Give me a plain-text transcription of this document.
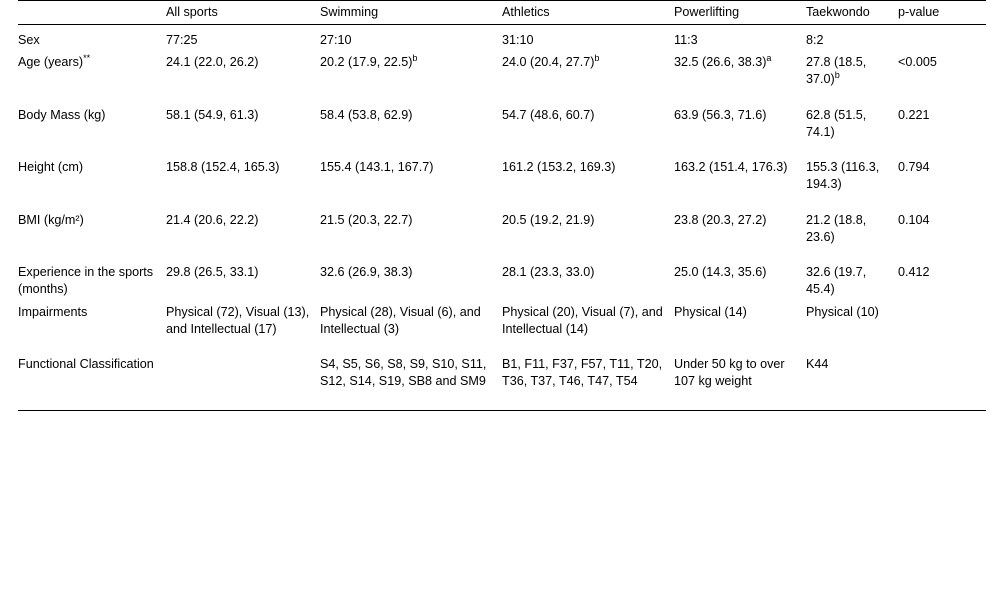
	All sports	Swimming	Athletics	Powerlifting	Taekwondo	p-value
Sex	77:25	27:10	31:10	11:3	8:2	
Age (years)**	24.1 (22.0, 26.2)	20.2 (17.9, 22.5)$^b$	24.0 (20.4, 27.7)$^b$	32.5 (26.6, 38.3)$^a$	27.8 (18.5, 37.0)$^b$	<0.005

Body Mass (kg)	58.1 (54.9, 61.3)	58.4 (53.8, 62.9)	54.7 (48.6, 60.7)	63.9 (56.3, 71.6)	62.8 (51.5, 74.1)	0.221

Height (cm)	158.8 (152.4, 165.3)	155.4 (143.1, 167.7)	161.2 (153.2, 169.3)	163.2 (151.4, 176.3)	155.3 (116.3, 194.3)	0.794

BMI (kg/m²)	21.4 (20.6, 22.2)	21.5 (20.3, 22.7)	20.5 (19.2, 21.9)	23.8 (20.3, 27.2)	21.2 (18.8, 23.6)	0.104

Experience in the sports (months)	29.8 (26.5, 33.1)	32.6 (26.9, 38.3)	28.1 (23.3, 33.0)	25.0 (14.3, 35.6)	32.6 (19.7, 45.4)	0.412
Impairments	Physical (72), Visual (13), and Intellectual (17)	Physical (28), Visual (6), and Intellectual (3)	Physical (20), Visual (7), and Intellectual (14)	Physical (14)	Physical (10)	

Functional Classification		S4, S5, S6, S8, S9, S10, S11, S12, S14, S19, SB8 and SM9	B1, F11, F37, F57, T11, T20, T36, T37, T46, T47, T54	Under 50 kg to over 107 kg weight	K44	
